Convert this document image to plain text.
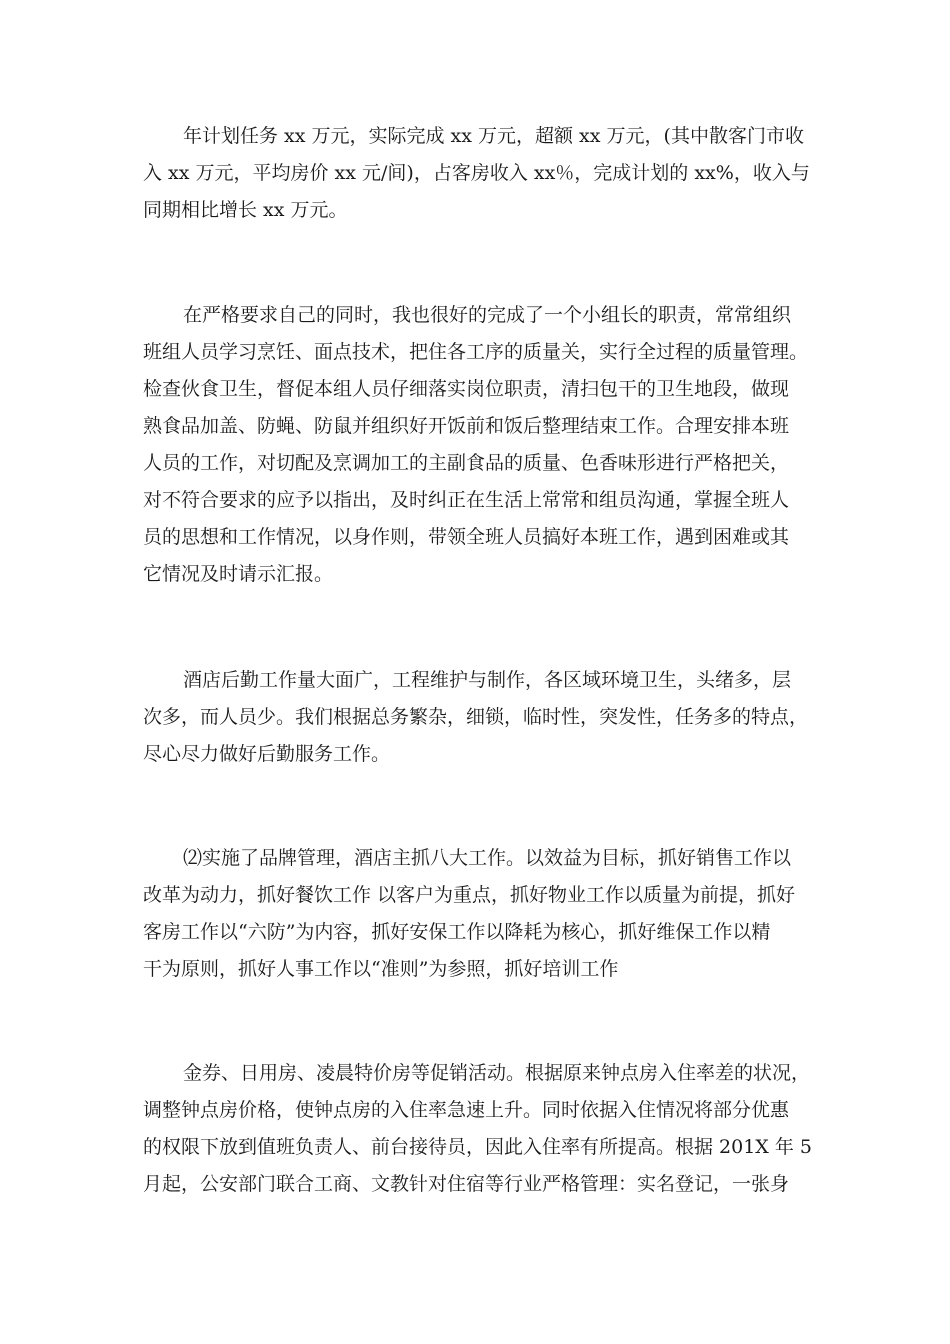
年计划任务 xx 万元，实际完成 xx 万元，超额 xx 万元，(其中散客门市收
入 xx 万元，平均房价 xx 元/间)，占客房收入 xx％，完成计划的 xx%，收入与
同期相比增长 xx 万元。

在严格要求自己的同时，我也很好的完成了一个小组长的职责，常常组织
班组人员学习烹饪、面点技术，把住各工序的质量关，实行全过程的质量管理。
检查伙食卫生，督促本组人员仔细落实岗位职责，清扫包干的卫生地段，做现
熟食品加盖、防蝇、防鼠并组织好开饭前和饭后整理结束工作。合理安排本班
人员的工作，对切配及烹调加工的主副食品的质量、色香味形进行严格把关，
对不符合要求的应予以指出，及时纠正在生活上常常和组员沟通，掌握全班人
员的思想和工作情况，以身作则，带领全班人员搞好本班工作，遇到困难或其
它情况及时请示汇报。

酒店后勤工作量大面广，工程维护与制作，各区域环境卫生，头绪多，层
次多，而人员少。我们根据总务繁杂，细锁，临时性，突发性，任务多的特点，
尽心尽力做好后勤服务工作。

⑵实施了品牌管理，酒店主抓八大工作。以效益为目标，抓好销售工作以
改革为动力，抓好餐饮工作 以客户为重点，抓好物业工作以质量为前提，抓好
客房工作以“六防”为内容，抓好安保工作以降耗为核心，抓好维保工作以精
干为原则，抓好人事工作以“准则”为参照，抓好培训工作

金券、日用房、凌晨特价房等促销活动。根据原来钟点房入住率差的状况，
调整钟点房价格，使钟点房的入住率急速上升。同时依据入住情况将部分优惠
的权限下放到值班负责人、前台接待员，因此入住率有所提高。根据 201X 年 5
月起，公安部门联合工商、文教针对住宿等行业严格管理：实名登记，一张身
